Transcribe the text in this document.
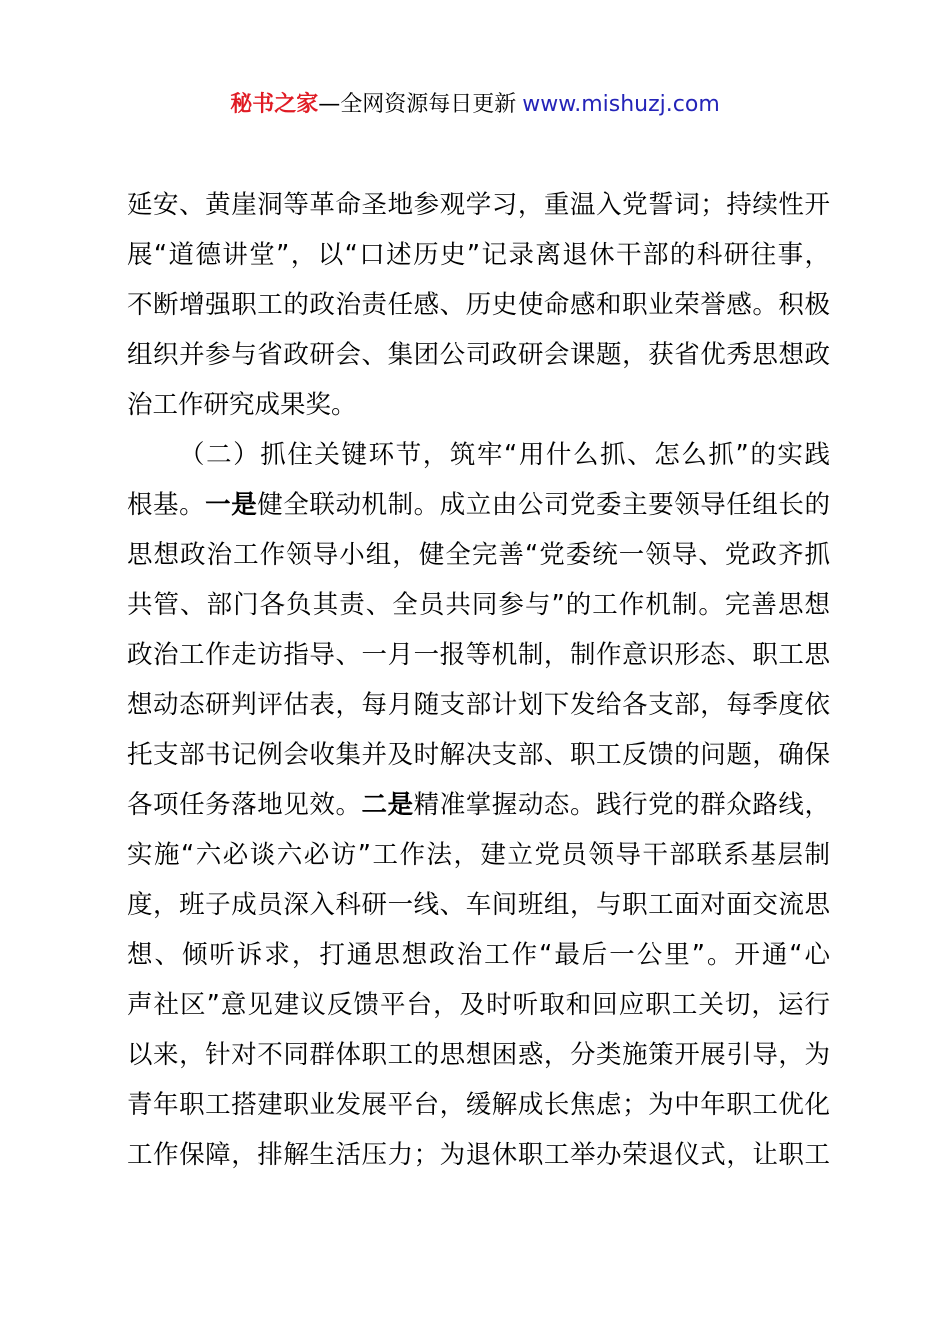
秘书之家—全网资源每日更新 www.mishuzj.com
延安、黄崖洞等革命圣地参观学习，重温入党誓词；持续性开
展“道德讲堂”，以“口述历史”记录离退休干部的科研往事，
不断增强职工的政治责任感、历史使命感和职业荣誉感。积极
组织并参与省政研会、集团公司政研会课题，获省优秀思想政
治工作研究成果奖。
（二）抓住关键环节，筑牢“用什么抓、怎么抓”的实践
根基。一是健全联动机制。成立由公司党委主要领导任组长的
思想政治工作领导小组，健全完善“党委统一领导、党政齐抓
共管、部门各负其责、全员共同参与”的工作机制。完善思想
政治工作走访指导、一月一报等机制，制作意识形态、职工思
想动态研判评估表，每月随支部计划下发给各支部，每季度依
托支部书记例会收集并及时解决支部、职工反馈的问题，确保
各项任务落地见效。二是精准掌握动态。践行党的群众路线，
实施“六必谈六必访”工作法，建立党员领导干部联系基层制
度，班子成员深入科研一线、车间班组，与职工面对面交流思
想、倾听诉求，打通思想政治工作“最后一公里”。开通“心
声社区”意见建议反馈平台，及时听取和回应职工关切，运行
以来，针对不同群体职工的思想困惑，分类施策开展引导，为
青年职工搭建职业发展平台，缓解成长焦虑；为中年职工优化
工作保障，排解生活压力；为退休职工举办荣退仪式，让职工
